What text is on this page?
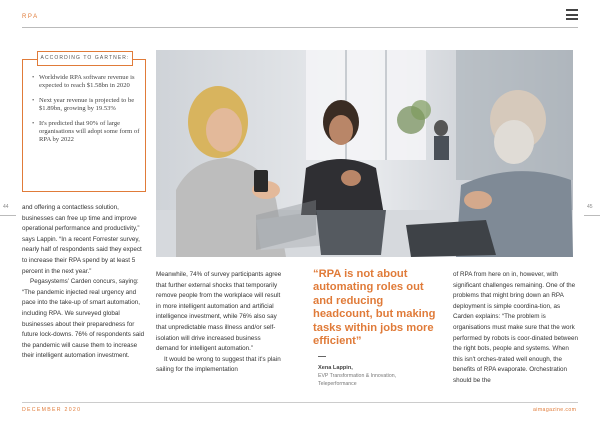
RPA
ACCORDING TO GARTNER:
• Worldwide RPA software revenue is expected to reach $1.58bn in 2020
• Next year revenue is projected to be $1.89bn, growing by 19.53%
• It's predicted that 90% of large organisations will adopt some form of RPA by 2022
44	45

and offering a contactless solution, businesses can free up time and improve operational performance and productivity,” says Lappin. “In a recent Forrester survey, nearly half of respondents said they expect to increase their RPA spend by at least 5 percent in the next year.”

Pegasystems' Carden concurs, saying: “The pandemic injected real urgency and pace into the take-up of smart automation, including RPA. We surveyed global businesses about their preparedness for future lock-downs. 76% of respondents said the pandemic will cause them to increase their intelligent automation investment.

Meanwhile, 74% of survey participants agree that further external shocks that temporarily remove people from the workplace will result in more intelligent automation and artificial intelligence investment, while 76% also say that unpredictable mass illness and/or self-isolation will drive increased business demand for intelligent automation.”

It would be wrong to suggest that it's plain sailing for the implementation

“RPA is not about automating roles out and reducing headcount, but making tasks within jobs more efficient”
Xena Lappin,
EVP Transformation & Innovation,
Teleperformance

of RPA from here on in, however, with significant challenges remaining. One of the problems that might bring down an RPA deployment is simple coordina-tion, as Carden explains: “The problem is organisations must make sure that the work performed by robots is coor-dinated between the right bots, people and systems. When this isn't orches-trated well enough, the benefits of RPA evaporate. Orchestration should be the

DECEMBER 2020	aimagazine.com
